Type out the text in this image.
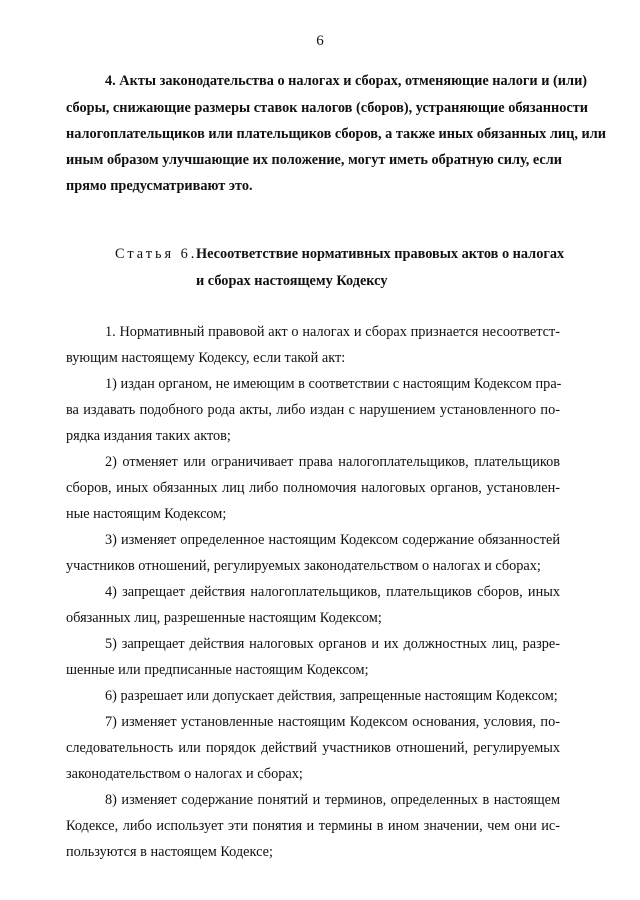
6
4. Акты законодательства о налогах и сборах, отменяющие налоги и (или)
сборы, снижающие размеры ставок налогов (сборов), устраняющие обязанности
налогоплательщиков или плательщиков сборов, а также иных обязанных лиц, или
иным образом улучшающие их положение, могут иметь обратную силу, если
прямо предусматривают это.
Статья 6.
Несоответствие нормативных правовых актов о налогах
и сборах настоящему Кодексу
1. Нормативный правовой акт о налогах и сборах признается несоответст-
вующим настоящему Кодексу, если такой акт:
1) издан органом, не имеющим в соответствии с настоящим Кодексом пра-
ва издавать подобного рода акты, либо издан с нарушением установленного по-
рядка издания таких актов;
2) отменяет или ограничивает права налогоплательщиков, плательщиков
сборов, иных обязанных лиц либо полномочия налоговых органов, установлен-
ные настоящим Кодексом;
3) изменяет определенное настоящим Кодексом содержание обязанностей
участников отношений, регулируемых законодательством о налогах и сборах;
4) запрещает действия налогоплательщиков, плательщиков сборов, иных
обязанных лиц, разрешенные настоящим Кодексом;
5) запрещает действия налоговых органов и их должностных лиц, разре-
шенные или предписанные настоящим Кодексом;
6) разрешает или допускает действия, запрещенные настоящим Кодексом;
7) изменяет установленные настоящим Кодексом основания, условия, по-
следовательность или порядок действий участников отношений, регулируемых
законодательством о налогах и сборах;
8) изменяет содержание понятий и терминов, определенных в настоящем
Кодексе, либо использует эти понятия и термины в ином значении, чем они ис-
пользуются в настоящем Кодексе;
